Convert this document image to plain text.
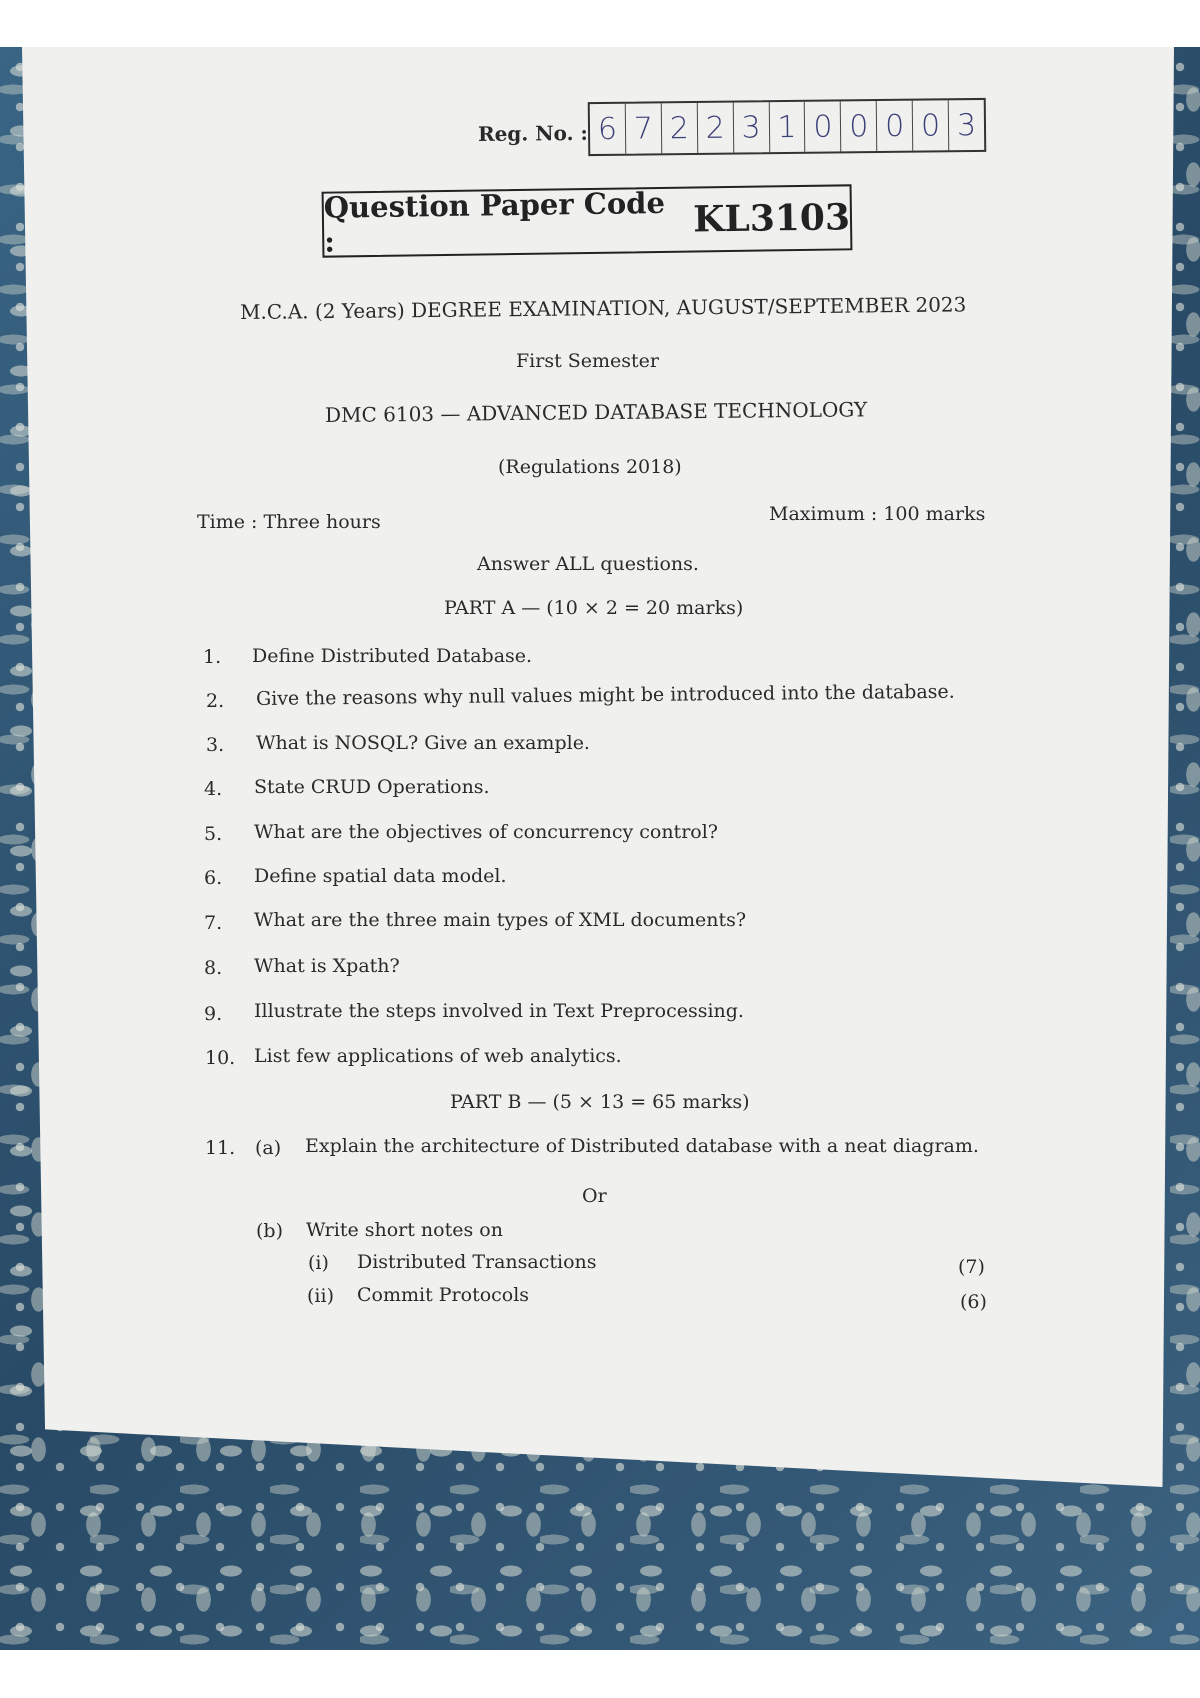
Reg. No. : 6 7 2 2 3 1 0 0 0 0 3
Question Paper Code :
KL3103
M.C.A. (2 Years) DEGREE EXAMINATION, AUGUST/SEPTEMBER 2023
First Semester
DMC 6103 — ADVANCED DATABASE TECHNOLOGY
(Regulations 2018)
Time : Three hours	Maximum : 100 marks
Answer ALL questions.
PART A — (10 × 2 = 20 marks)
1. Define Distributed Database.
2. Give the reasons why null values might be introduced into the database.
3. What is NOSQL? Give an example.
4. State CRUD Operations.
5. What are the objectives of concurrency control?
6. Define spatial data model.
7. What are the three main types of XML documents?
8. What is Xpath?
9. Illustrate the steps involved in Text Preprocessing.
10. List few applications of web analytics.
PART B — (5 × 13 = 65 marks)
11. (a) Explain the architecture of Distributed database with a neat diagram.
Or
(b) Write short notes on
(i) Distributed Transactions	(7)
(ii) Commit Protocols	(6)
